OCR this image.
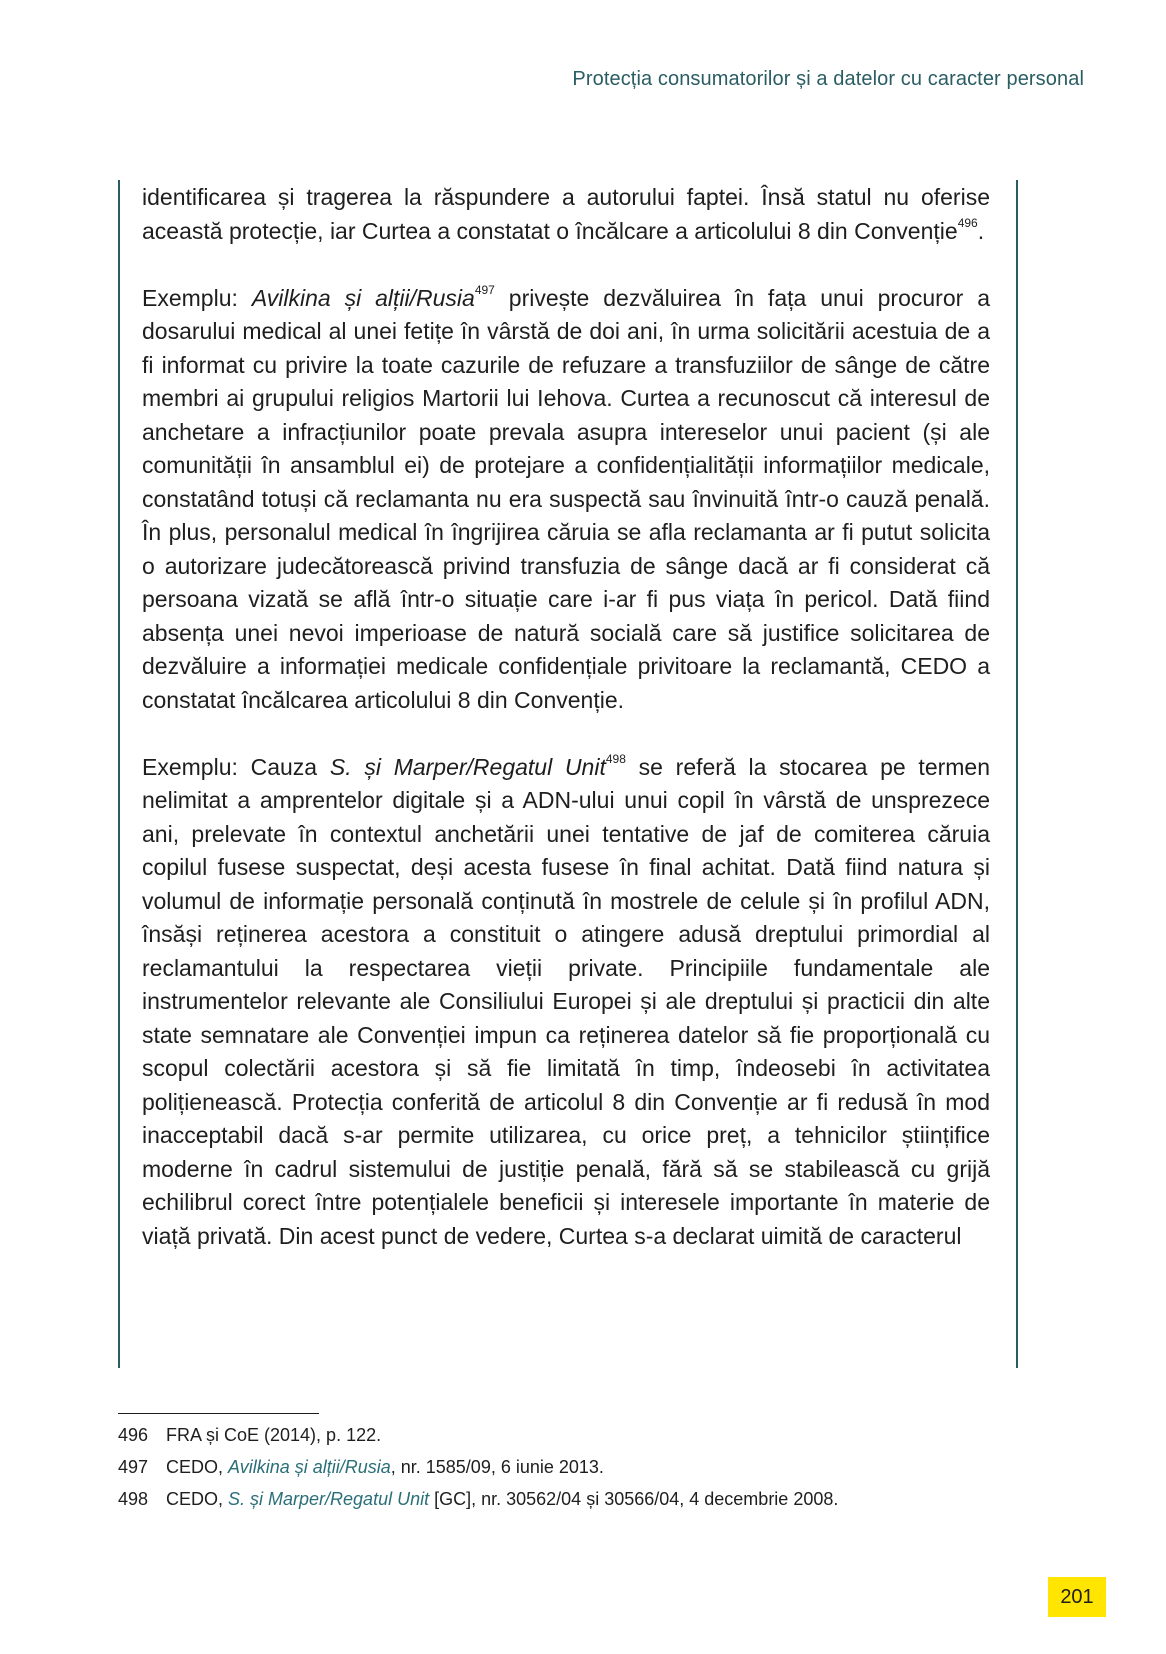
Protecția consumatorilor și a datelor cu caracter personal

identificarea și tragerea la răspundere a autorului faptei. Însă statul nu oferise această protecție, iar Curtea a constatat o încălcare a articolului 8 din Convenție$^{496}$.

Exemplu: Avilkina și alții/Rusia$^{497}$ privește dezvăluirea în fața unui procuror a dosarului medical al unei fetițe în vârstă de doi ani, în urma solicitării acestuia de a fi informat cu privire la toate cazurile de refuzare a transfuziilor de sânge de către membri ai grupului religios Martorii lui Iehova. Curtea a recunoscut că interesul de anchetare a infracțiunilor poate prevala asupra intereselor unui pacient (și ale comunității în ansamblul ei) de protejare a confidențialității informațiilor medicale, constatând totuși că reclamanta nu era suspectă sau învinuită într-o cauză penală. În plus, personalul medical în îngrijirea căruia se afla reclamanta ar fi putut solicita o autorizare judecătorească privind transfuzia de sânge dacă ar fi considerat că persoana vizată se află într-o situație care i-ar fi pus viața în pericol. Dată fiind absența unei nevoi imperioase de natură socială care să justifice solicitarea de dezvăluire a informației medicale confidențiale privitoare la reclamantă, CEDO a constatat încălcarea articolului 8 din Convenție.

Exemplu: Cauza S. și Marper/Regatul Unit$^{498}$ se referă la stocarea pe termen nelimitat a amprentelor digitale și a ADN-ului unui copil în vârstă de unsprezece ani, prelevate în contextul anchetării unei tentative de jaf de comiterea căruia copilul fusese suspectat, deși acesta fusese în final achitat. Dată fiind natura și volumul de informație personală conținută în mostrele de celule și în profilul ADN, însăși reținerea acestora a constituit o atingere adusă dreptului primordial al reclamantului la respectarea vieții private. Principiile fundamentale ale instrumentelor relevante ale Consiliului Europei și ale dreptului și practicii din alte state semnatare ale Convenției impun ca reținerea datelor să fie proporțională cu scopul colectării acestora și să fie limitată în timp, îndeosebi în activitatea polițienească. Protecția conferită de articolul 8 din Convenție ar fi redusă în mod inacceptabil dacă s-ar permite utilizarea, cu orice preț, a tehnicilor științifice moderne în cadrul sistemului de justiție penală, fără să se stabilească cu grijă echilibrul corect între potențialele beneficii și interesele importante în materie de viață privată. Din acest punct de vedere, Curtea s-a declarat uimită de caracterul

496 FRA și CoE (2014), p. 122.
497 CEDO, Avilkina și alții/Rusia, nr. 1585/09, 6 iunie 2013.
498 CEDO, S. și Marper/Regatul Unit [GC], nr. 30562/04 și 30566/04, 4 decembrie 2008.
201
